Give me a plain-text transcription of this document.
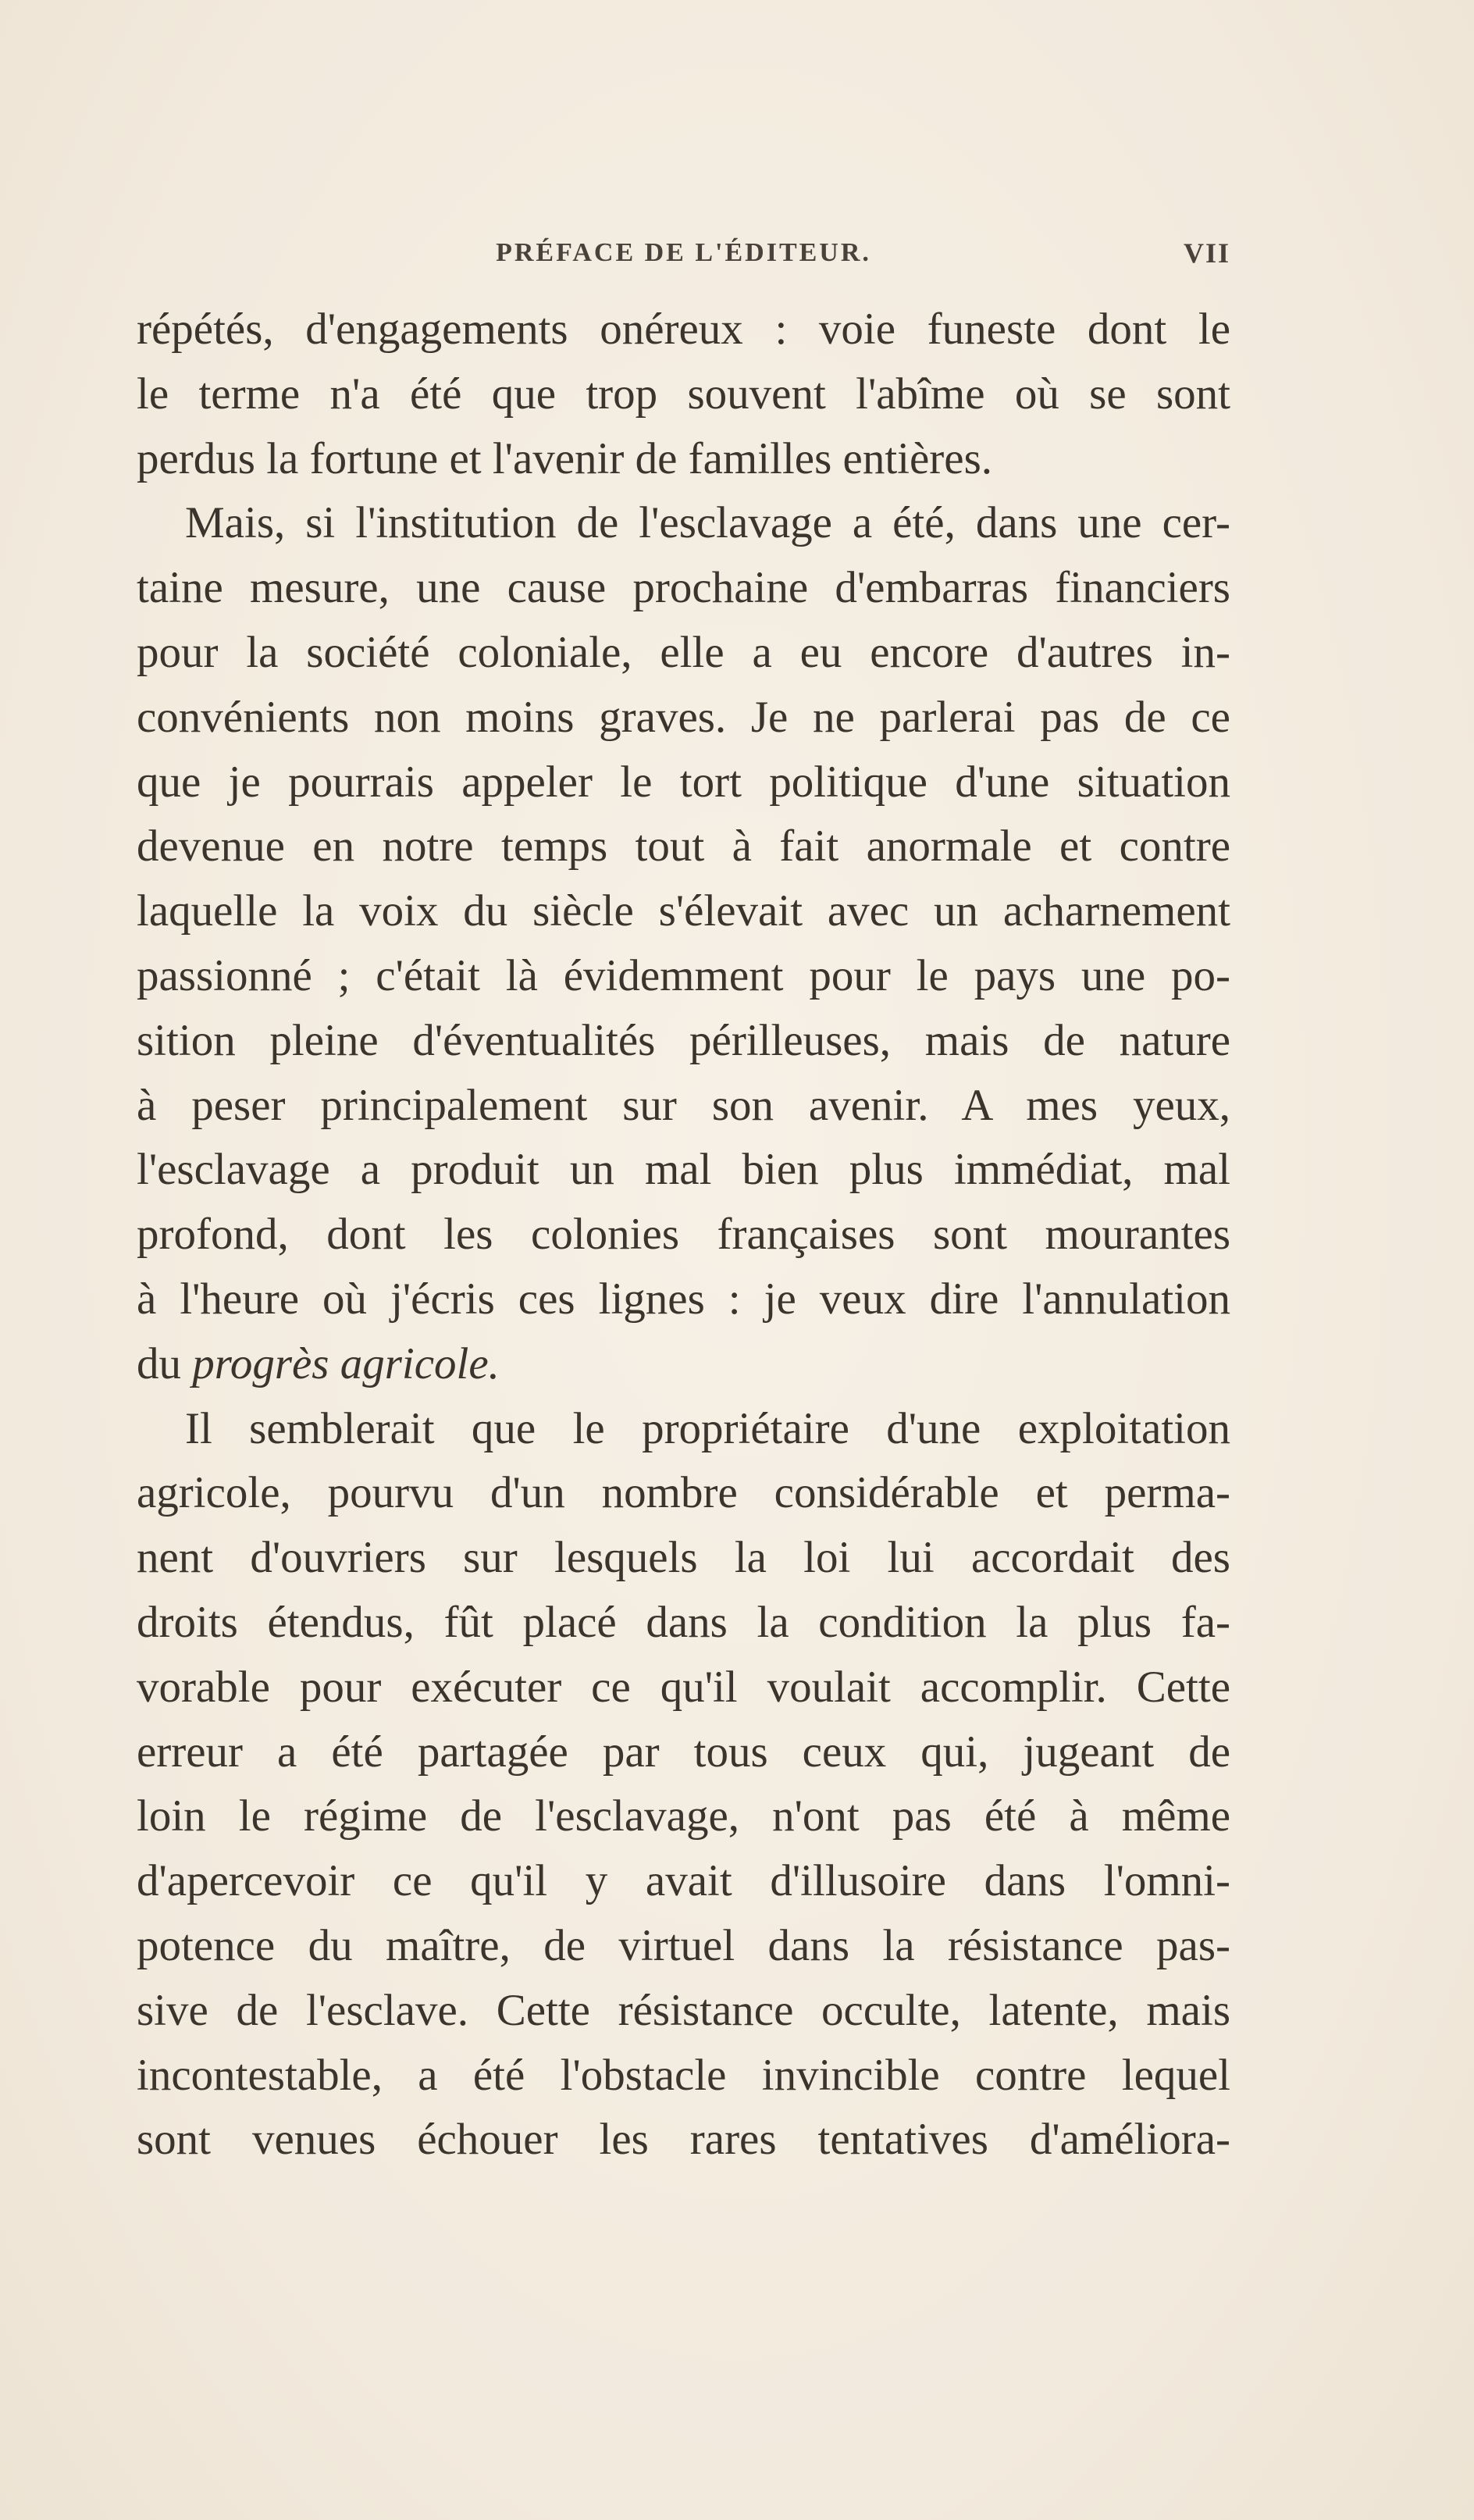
PRÉFACE DE L'ÉDITEUR.	VII
répétés, d'engagements onéreux : voie funeste dont le
le terme n'a été que trop souvent l'abîme où se sont
perdus la fortune et l'avenir de familles entières.
Mais, si l'institution de l'esclavage a été, dans une cer-
taine mesure, une cause prochaine d'embarras financiers
pour la société coloniale, elle a eu encore d'autres in-
convénients non moins graves. Je ne parlerai pas de ce
que je pourrais appeler le tort politique d'une situation
devenue en notre temps tout à fait anormale et contre
laquelle la voix du siècle s'élevait avec un acharnement
passionné ; c'était là évidemment pour le pays une po-
sition pleine d'éventualités périlleuses, mais de nature
à peser principalement sur son avenir. A mes yeux,
l'esclavage a produit un mal bien plus immédiat, mal
profond, dont les colonies françaises sont mourantes
à l'heure où j'écris ces lignes : je veux dire l'annulation
du progrès agricole.
Il semblerait que le propriétaire d'une exploitation
agricole, pourvu d'un nombre considérable et perma-
nent d'ouvriers sur lesquels la loi lui accordait des
droits étendus, fût placé dans la condition la plus fa-
vorable pour exécuter ce qu'il voulait accomplir. Cette
erreur a été partagée par tous ceux qui, jugeant de
loin le régime de l'esclavage, n'ont pas été à même
d'apercevoir ce qu'il y avait d'illusoire dans l'omni-
potence du maître, de virtuel dans la résistance pas-
sive de l'esclave. Cette résistance occulte, latente, mais
incontestable, a été l'obstacle invincible contre lequel
sont venues échouer les rares tentatives d'améliora-
